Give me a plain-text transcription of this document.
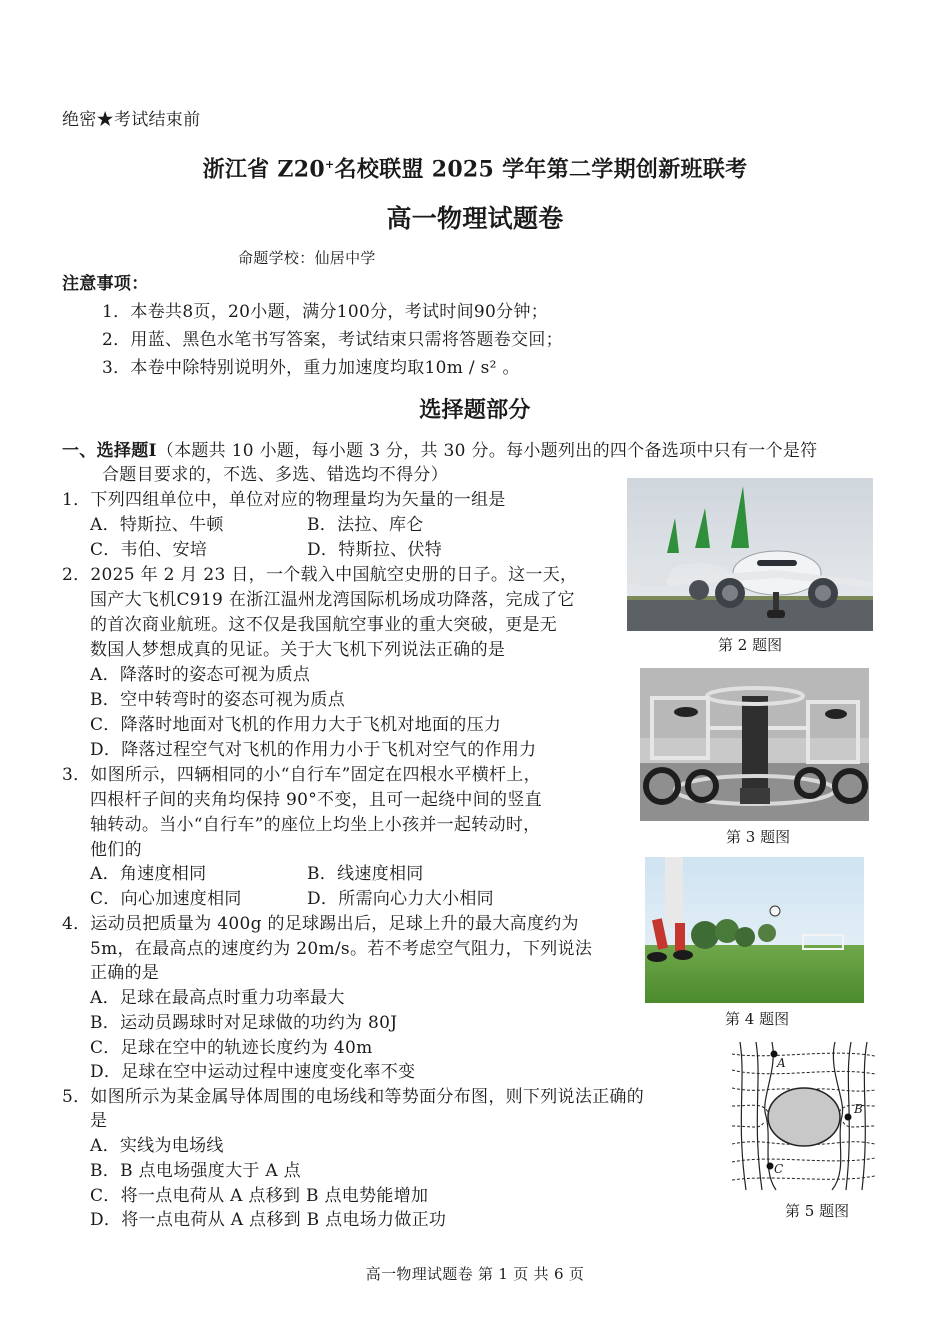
绝密★考试结束前
浙江省 Z20+名校联盟 2025 学年第二学期创新班联考
高一物理试题卷
命题学校：仙居中学
注意事项：
1．本卷共8页，20小题，满分100分，考试时间90分钟；
2．用蓝、黑色水笔书写答案，考试结束只需将答题卷交回；
3．本卷中除特别说明外，重力加速度均取10m / s² 。
选择题部分
一、选择题Ⅰ（本题共 10 小题，每小题 3 分，共 30 分。每小题列出的四个备选项中只有一个是符
合题目要求的，不选、多选、错选均不得分）
1．下列四组单位中，单位对应的物理量均为矢量的一组是
A．特斯拉、牛顿	B．法拉、库仑
C．韦伯、安培	D．特斯拉、伏特
2．2025 年 2 月 23 日，一个载入中国航空史册的日子。这一天，
国产大飞机C919 在浙江温州龙湾国际机场成功降落，完成了它
的首次商业航班。这不仅是我国航空事业的重大突破，更是无
数国人梦想成真的见证。关于大飞机下列说法正确的是
A．降落时的姿态可视为质点
B．空中转弯时的姿态可视为质点
C．降落时地面对飞机的作用力大于飞机对地面的压力
D．降落过程空气对飞机的作用力小于飞机对空气的作用力
3．如图所示，四辆相同的小“自行车”固定在四根水平横杆上，
四根杆子间的夹角均保持 90°不变，且可一起绕中间的竖直
轴转动。当小“自行车”的座位上均坐上小孩并一起转动时，
他们的
A．角速度相同	B．线速度相同
C．向心加速度相同	D．所需向心力大小相同
4．运动员把质量为 400g 的足球踢出后，足球上升的最大高度约为
5m，在最高点的速度约为 20m/s。若不考虑空气阻力，下列说法
正确的是
A．足球在最高点时重力功率最大
B．运动员踢球时对足球做的功约为 80J
C．足球在空中的轨迹长度约为 40m
D．足球在空中运动过程中速度变化率不变
5．如图所示为某金属导体周围的电场线和等势面分布图，则下列说法正确的
是
A．实线为电场线
B．B 点电场强度大于 A 点
C．将一点电荷从 A 点移到 B 点电势能增加
D．将一点电荷从 A 点移到 B 点电场力做正功
第 2 题图
第 3 题图
第 4 题图
A
B
C
第 5 题图
高一物理试题卷 第 1 页 共 6 页
